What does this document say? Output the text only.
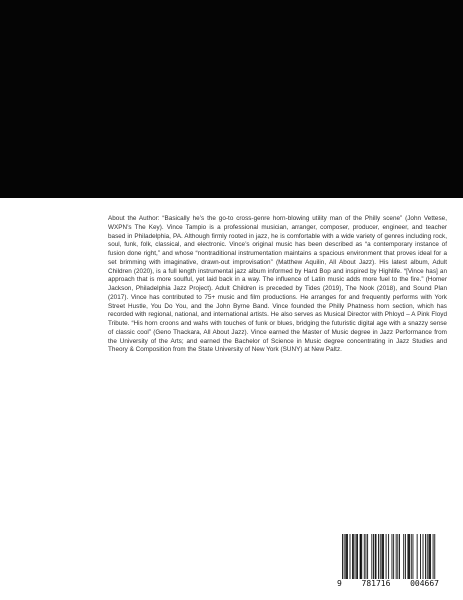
About the Author: “Basically he’s the go-to cross-genre horn-blowing utility man of the Philly scene” (John Vettese, WXPN’s The Key). Vince Tampio is a professional musician, arranger, composer, producer, engineer, and teacher based in Philadelphia, PA. Although firmly rooted in jazz, he is comfortable with a wide variety of genres including rock, soul, funk, folk, classical, and electronic. Vince’s original music has been described as “a contemporary instance of fusion done right,” and whose “nontraditional instrumentation maintains a spacious environment that proves ideal for a set brimming with imaginative, drawn-out improvisation” (Matthew Aquilin, All About Jazz). His latest album, Adult Children (2020), is a full length instrumental jazz album informed by Hard Bop and inspired by Highlife. “[Vince has] an approach that is more soulful, yet laid back in a way. The influence of Latin music adds more fuel to the fire.” (Homer Jackson, Philadelphia Jazz Project). Adult Children is preceded by Tides (2019), The Nook (2018), and Sound Plan (2017). Vince has contributed to 75+ music and film productions. He arranges for and frequently performs with York Street Hustle, You Do You, and the John Byrne Band. Vince founded the Philly Phatness horn section, which has recorded with regional, national, and international artists. He also serves as Musical Director with Phloyd – A Pink Floyd Tribute. “His horn croons and wahs with touches of funk or blues, bridging the futuristic digital age with a snazzy sense of classic cool” (Geno Thackara, All About Jazz). Vince earned the Master of Music degree in Jazz Performance from the University of the Arts; and earned the Bachelor of Science in Music degree concentrating in Jazz Studies and Theory & Composition from the State University of New York (SUNY) at New Paltz.

9 781716 004667
